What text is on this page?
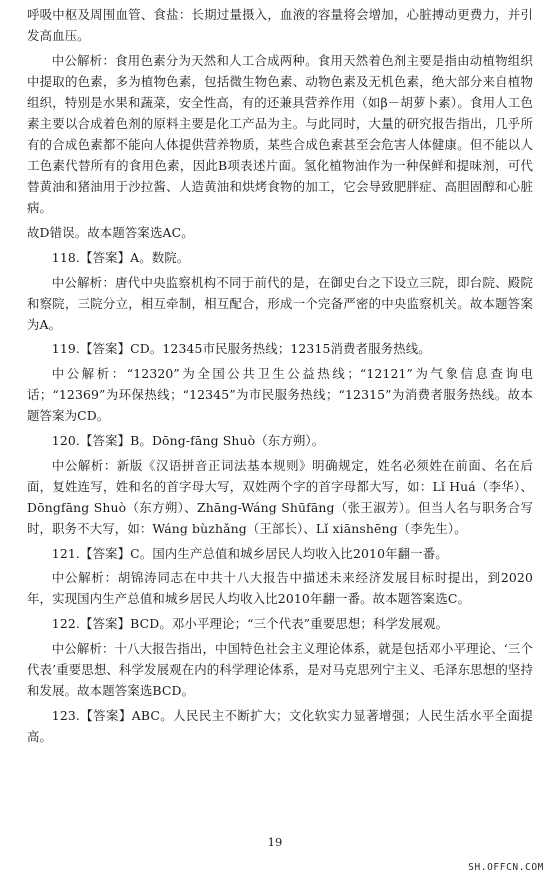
呼吸中枢及周围血管、食盐：长期过量摄入，血液的容量将会增加，心脏搏动更费力，并引发高血压。

中公解析：食用色素分为天然和人工合成两种。食用天然着色剂主要是指由动植物组织中提取的色素，多为植物色素，包括微生物色素、动物色素及无机色素，绝大部分来自植物组织，特别是水果和蔬菜，安全性高，有的还兼具营养作用（如β－胡萝卜素）。食用人工色素主要以合成着色剂的原料主要是化工产品为主。与此同时，大量的研究报告指出，几乎所有的合成色素都不能向人体提供营养物质，某些合成色素甚至会危害人体健康。但不能以人工色素代替所有的食用色素，因此B项表述片面。氢化植物油作为一种保鲜和提味剂，可代替黄油和猪油用于沙拉酱、人造黄油和烘烤食物的加工，它会导致肥胖症、高胆固醇和心脏病。

故D错误。故本题答案选AC。

118.【答案】A。数院。

中公解析：唐代中央监察机构不同于前代的是，在御史台之下设立三院，即台院、殿院和察院，三院分立，相互牵制，相互配合，形成一个完备严密的中央监察机关。故本题答案为A。

119.【答案】CD。12345市民服务热线；12315消费者服务热线。

中公解析：“12320”为全国公共卫生公益热线；“12121”为气象信息查询电话；“12369”为环保热线；“12345”为市民服务热线；“12315”为消费者服务热线。故本题答案为CD。

120.【答案】B。Dōng-fāng Shuò（东方朔）。

中公解析：新版《汉语拼音正词法基本规则》明确规定，姓名必须姓在前面、名在后面，复姓连写，姓和名的首字母大写，双姓两个字的首字母都大写，如：Lǐ Huá（李华）、Dōngfāng Shuò（东方朔）、Zhāng-Wáng Shūfāng（张王淑芳）。但当人名与职务合写时，职务不大写，如：Wáng bùzhǎng（王部长）、Lǐ xiānshēng（李先生）。

121.【答案】C。国内生产总值和城乡居民人均收入比2010年翻一番。

中公解析：胡锦涛同志在中共十八大报告中描述未来经济发展目标时提出，到2020年，实现国内生产总值和城乡居民人均收入比2010年翻一番。故本题答案选C。

122.【答案】BCD。邓小平理论；“三个代表”重要思想；科学发展观。

中公解析：十八大报告指出，中国特色社会主义理论体系，就是包括邓小平理论、‘三个代表’重要思想、科学发展观在内的科学理论体系，是对马克思列宁主义、毛泽东思想的坚持和发展。故本题答案选BCD。

123.【答案】ABC。人民民主不断扩大；文化软实力显著增强；人民生活水平全面提高。

19
SH.OFFCN.COM
